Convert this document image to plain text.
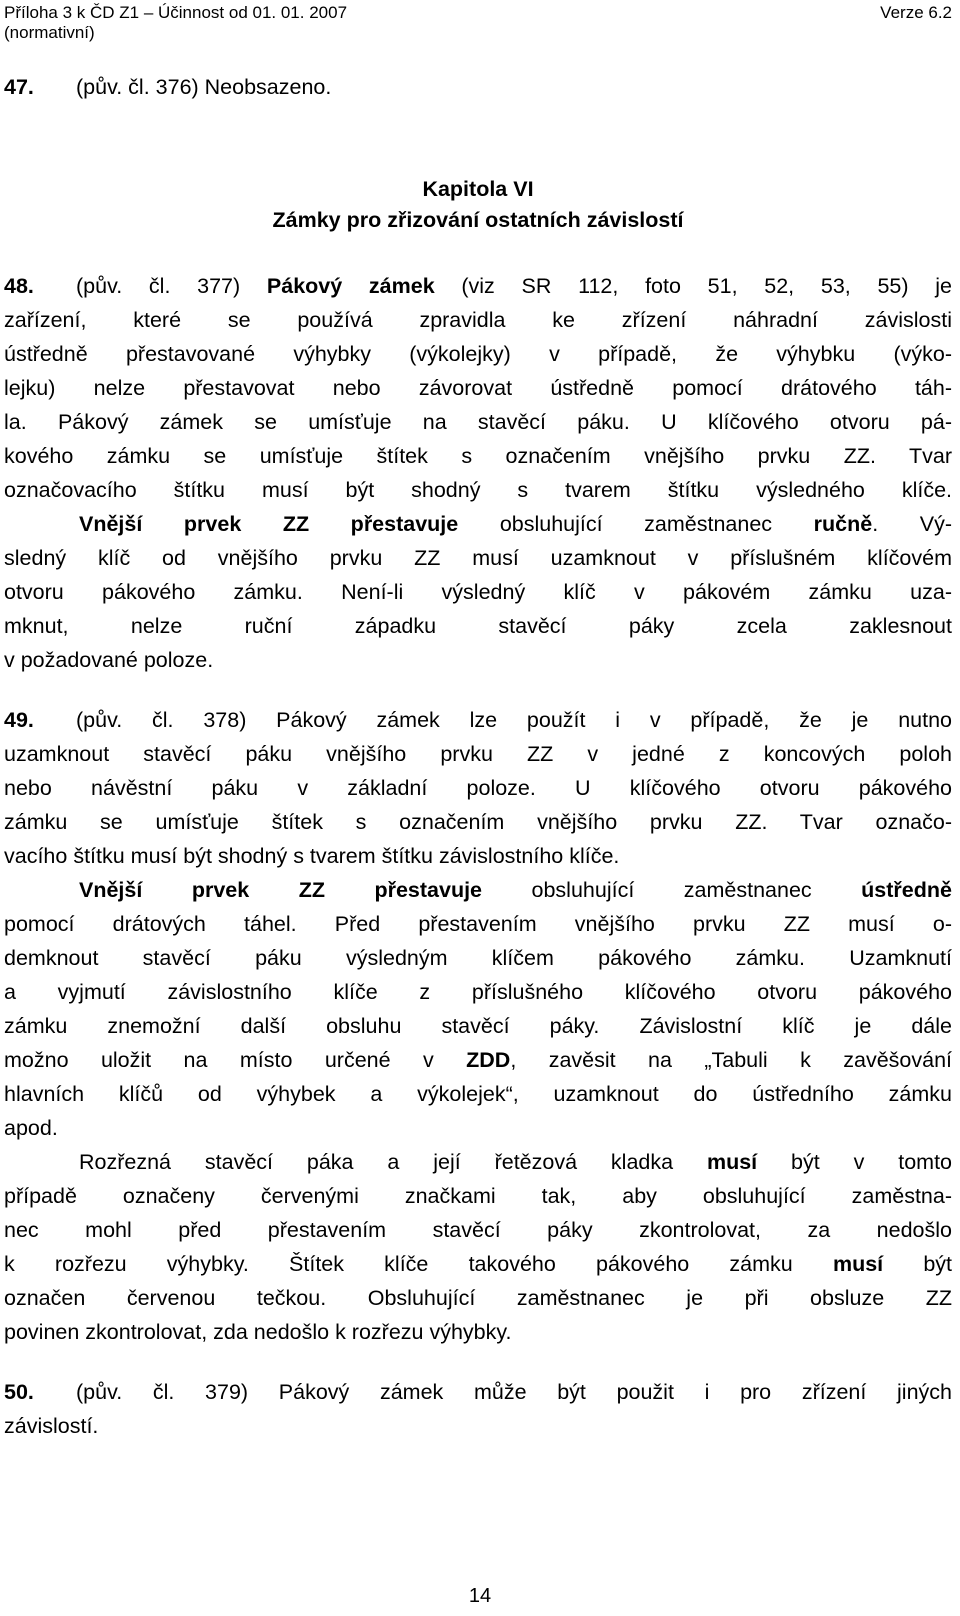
Příloha 3 k ČD Z1 – Účinnost od 01. 01. 2007	Verze 6.2
(normativní)
47. (pův. čl. 376) Neobsazeno.
Kapitola VI
Zámky pro zřizování ostatních závislostí
48. (pův. čl. 377) Pákový zámek (viz SR 112, foto 51, 52, 53, 55) je
zařízení, které se používá zpravidla ke zřízení náhradní závislosti
ústředně přestavované výhybky (výkolejky) v případě, že výhybku (výko-
lejku) nelze přestavovat nebo závorovat ústředně pomocí drátového táh-
la. Pákový zámek se umísťuje na stavěcí páku. U klíčového otvoru pá-
kového zámku se umísťuje štítek s označením vnějšího prvku ZZ. Tvar
označovacího štítku musí být shodný s tvarem štítku výsledného klíče.
Vnější prvek ZZ přestavuje obsluhující zaměstnanec ručně. Vý-
sledný klíč od vnějšího prvku ZZ musí uzamknout v příslušném klíčovém
otvoru pákového zámku. Není-li výsledný klíč v pákovém zámku uza-
mknut, nelze ruční západku stavěcí páky zcela zaklesnout
v požadované poloze.
49. (pův. čl. 378) Pákový zámek lze použít i v případě, že je nutno
uzamknout stavěcí páku vnějšího prvku ZZ v jedné z koncových poloh
nebo návěstní páku v základní poloze. U klíčového otvoru pákového
zámku se umísťuje štítek s označením vnějšího prvku ZZ. Tvar označo-
vacího štítku musí být shodný s tvarem štítku závislostního klíče.
Vnější prvek ZZ přestavuje obsluhující zaměstnanec ústředně
pomocí drátových táhel. Před přestavením vnějšího prvku ZZ musí o-
demknout stavěcí páku výsledným klíčem pákového zámku. Uzamknutí
a vyjmutí závislostního klíče z příslušného klíčového otvoru pákového
zámku znemožní další obsluhu stavěcí páky. Závislostní klíč je dále
možno uložit na místo určené v ZDD, zavěsit na „Tabuli k zavěšování
hlavních klíčů od výhybek a výkolejek“, uzamknout do ústředního zámku
apod.
Rozřezná stavěcí páka a její řetězová kladka musí být v tomto
případě označeny červenými značkami tak, aby obsluhující zaměstna-
nec mohl před přestavením stavěcí páky zkontrolovat, za nedošlo
k rozřezu výhybky. Štítek klíče takového pákového zámku musí být
označen červenou tečkou. Obsluhující zaměstnanec je při obsluze ZZ
povinen zkontrolovat, zda nedošlo k rozřezu výhybky.
50. (pův. čl. 379) Pákový zámek může být použit i pro zřízení jiných
závislostí.
14
